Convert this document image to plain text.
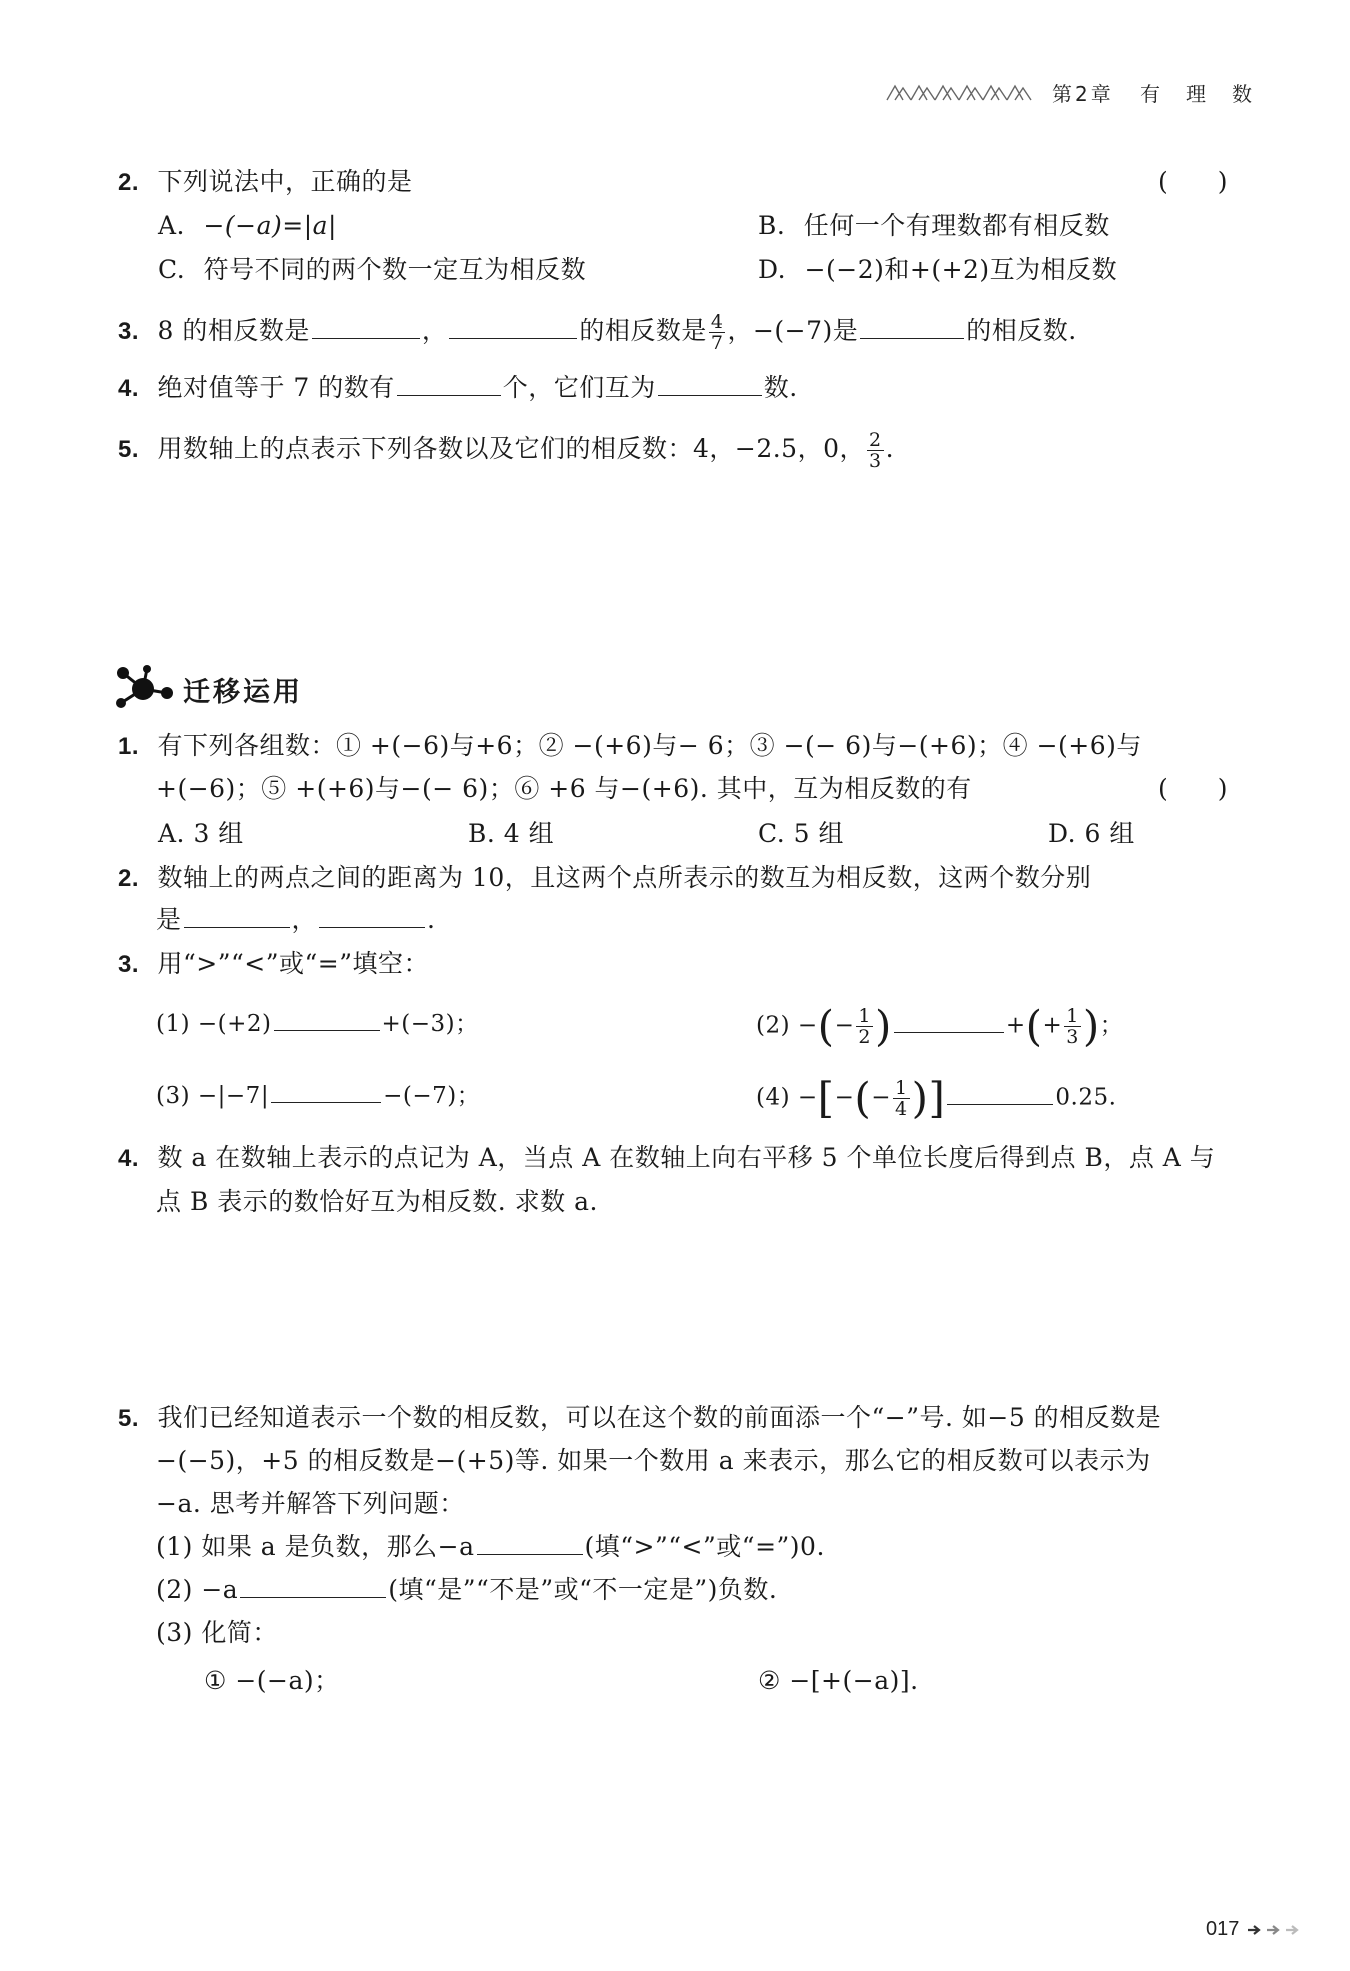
第2章 有　理　数
2. 下列说法中，正确的是	(　　)
A. −(−a)=|a|	B. 任何一个有理数都有相反数
C. 符号不同的两个数一定互为相反数	D. −(−2)和+(+2)互为相反数
3. 8 的相反数是	，	的相反数是 $\frac{4}{7}$ ，−(−7)是	的相反数.
4. 绝对值等于 7 的数有	个，它们互为	数.
5. 用数轴上的点表示下列各数以及它们的相反数：4，−2.5，0， $\frac{2}{3}$ .
迁移运用
1. 有下列各组数：① +(−6)与+6；② −(+6)与− 6；③ −(− 6)与−(+6)；④ −(+6)与
+(−6)；⑤ +(+6)与−(− 6)；⑥ +6 与−(+6). 其中，互为相反数的有	(　　)
A. 3 组	B. 4 组	C. 5 组	D. 6 组
2. 数轴上的两点之间的距离为 10，且这两个点所表示的数互为相反数，这两个数分别
是	，	.
3. 用“>”“<”或“=”填空：
(1) −(+2)	+(−3)；	(2) −(− $\frac{1}{2}$ )	+(+ $\frac{1}{3}$ )；
(3) −|−7|	−(−7)；	(4) −[−(− $\frac{1}{4}$ )]	0.25.
4. 数 a 在数轴上表示的点记为 A，当点 A 在数轴上向右平移 5 个单位长度后得到点 B，点 A 与
点 B 表示的数恰好互为相反数. 求数 a.
5. 我们已经知道表示一个数的相反数，可以在这个数的前面添一个“−”号. 如−5 的相反数是
−(−5)，+5 的相反数是−(+5)等. 如果一个数用 a 来表示，那么它的相反数可以表示为
−a. 思考并解答下列问题：
(1) 如果 a 是负数，那么−a	(填“>”“<”或“=”)0.
(2) −a	(填“是”“不是”或“不一定是”)负数.
(3) 化简：
① −(−a)；	② −[+(−a)].
017
